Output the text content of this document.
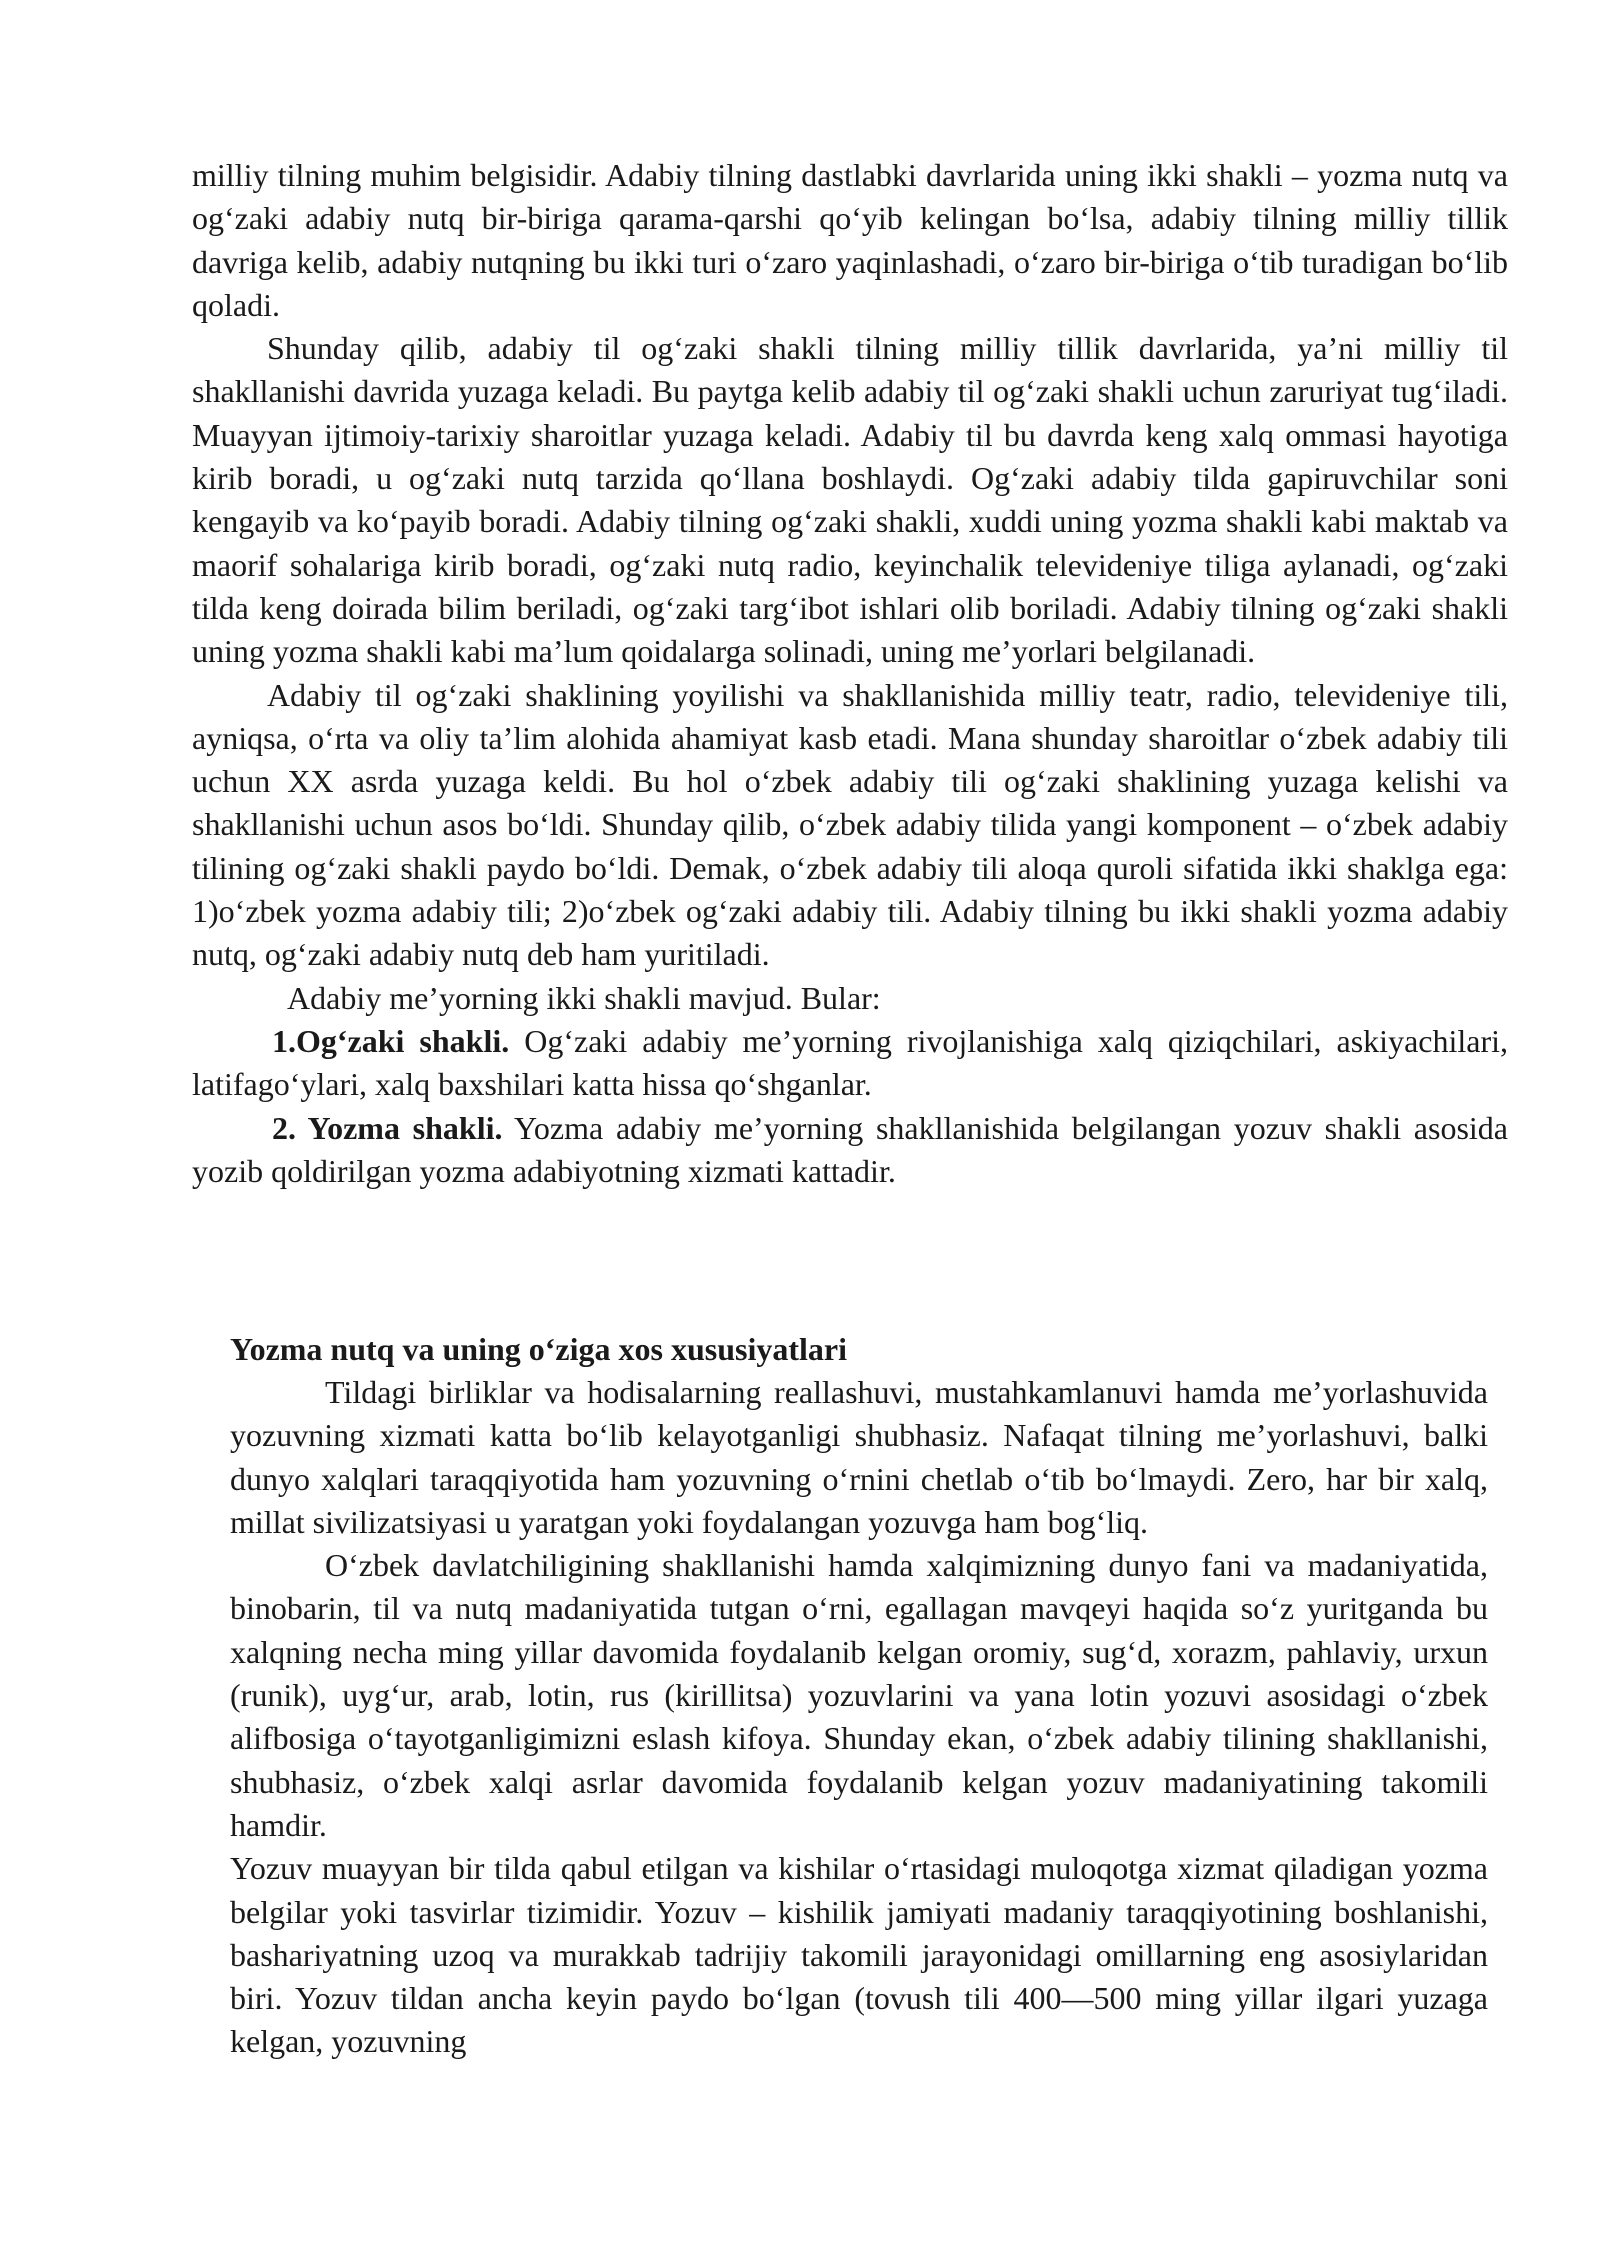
milliy tilning muhim belgisidir. Adabiy tilning dastlabki davrlarida uning ikki shakli – yozma nutq va og‘zaki adabiy nutq bir-biriga qarama-qarshi qo‘yib kelingan bo‘lsa, adabiy tilning milliy tillik davriga kelib, adabiy nutqning bu ikki turi o‘zaro yaqinlashadi, o‘zaro bir-biriga o‘tib turadigan bo‘lib qoladi.

Shunday qilib, adabiy til og‘zaki shakli tilning milliy tillik davrlarida, ya’ni milliy til shakllanishi davrida yuzaga keladi. Bu paytga kelib adabiy til og‘zaki shakli uchun zaruriyat tug‘iladi. Muayyan ijtimoiy-tarixiy sharoitlar yuzaga keladi. Adabiy til bu davrda keng xalq ommasi hayotiga kirib boradi, u og‘zaki nutq tarzida qo‘llana boshlaydi. Og‘zaki adabiy tilda gapiruvchilar soni kengayib va ko‘payib boradi. Adabiy tilning og‘zaki shakli, xuddi uning yozma shakli kabi maktab va maorif sohalariga kirib boradi, og‘zaki nutq radio, keyinchalik televideniye tiliga aylanadi, og‘zaki tilda keng doirada bilim beriladi, og‘zaki targ‘ibot ishlari olib boriladi. Adabiy tilning og‘zaki shakli uning yozma shakli kabi ma’lum qoidalarga solinadi, uning me’yorlari belgilanadi.

Adabiy til og‘zaki shaklining yoyilishi va shakllanishida milliy teatr, radio, televideniye tili, ayniqsa, o‘rta va oliy ta’lim alohida ahamiyat kasb etadi. Mana shunday sharoitlar o‘zbek adabiy tili uchun XX asrda yuzaga keldi. Bu hol o‘zbek adabiy tili og‘zaki shaklining yuzaga kelishi va shakllanishi uchun asos bo‘ldi. Shunday qilib, o‘zbek adabiy tilida yangi komponent – o‘zbek adabiy tilining og‘zaki shakli paydo bo‘ldi. Demak, o‘zbek adabiy tili aloqa quroli sifatida ikki shaklga ega: 1)o‘zbek yozma adabiy tili; 2)o‘zbek og‘zaki adabiy tili. Adabiy tilning bu ikki shakli yozma adabiy nutq, og‘zaki adabiy nutq deb ham yuritiladi.

Adabiy me’yorning ikki shakli mavjud. Bular:

1.Og‘zaki shakli. Og‘zaki adabiy me’yorning rivojlanishiga xalq qiziqchilari, askiyachilari, latifago‘ylari, xalq baxshilari katta hissa qo‘shganlar.

2. Yozma shakli. Yozma adabiy me’yorning shakllanishida belgilangan yozuv shakli asosida yozib qoldirilgan yozma adabiyotning xizmati kattadir.

Yozma nutq va uning o‘ziga xos xususiyatlari

Tildagi birliklar va hodisalarning reallashuvi, mustahkamlanuvi hamda me’yorlashuvida yozuvning xizmati katta bo‘lib kelayotganligi shubhasiz. Nafaqat tilning me’yorlashuvi, balki dunyo xalqlari taraqqiyotida ham yozuvning o‘rnini chetlab o‘tib bo‘lmaydi. Zero, har bir xalq, millat sivilizatsiyasi u yaratgan yoki foydalangan yozuvga ham bog‘liq.

O‘zbek davlatchiligining shakllanishi hamda xalqimizning dunyo fani va madaniyatida, binobarin, til va nutq madaniyatida tutgan o‘rni, egallagan mavqeyi haqida so‘z yuritganda bu xalqning necha ming yillar davomida foydalanib kelgan oromiy, sug‘d, xorazm, pahlaviy, urxun (runik), uyg‘ur, arab, lotin, rus (kirillitsa) yozuvlarini va yana lotin yozuvi asosidagi o‘zbek alifbosiga o‘tayotganligimizni eslash kifoya. Shunday ekan, o‘zbek adabiy tilining shakllanishi, shubhasiz, o‘zbek xalqi asrlar davomida foydalanib kelgan yozuv madaniyatining takomili hamdir.

Yozuv muayyan bir tilda qabul etilgan va kishilar o‘rtasidagi muloqotga xizmat qiladigan yozma belgilar yoki tasvirlar tizimidir. Yozuv – kishilik jamiyati madaniy taraqqiyotining boshlanishi, bashariyatning uzoq va murakkab tadrijiy takomili jarayonidagi omillarning eng asosiylaridan biri. Yozuv tildan ancha keyin paydo bo‘lgan (tovush tili 400—500 ming yillar ilgari yuzaga kelgan, yozuvning
